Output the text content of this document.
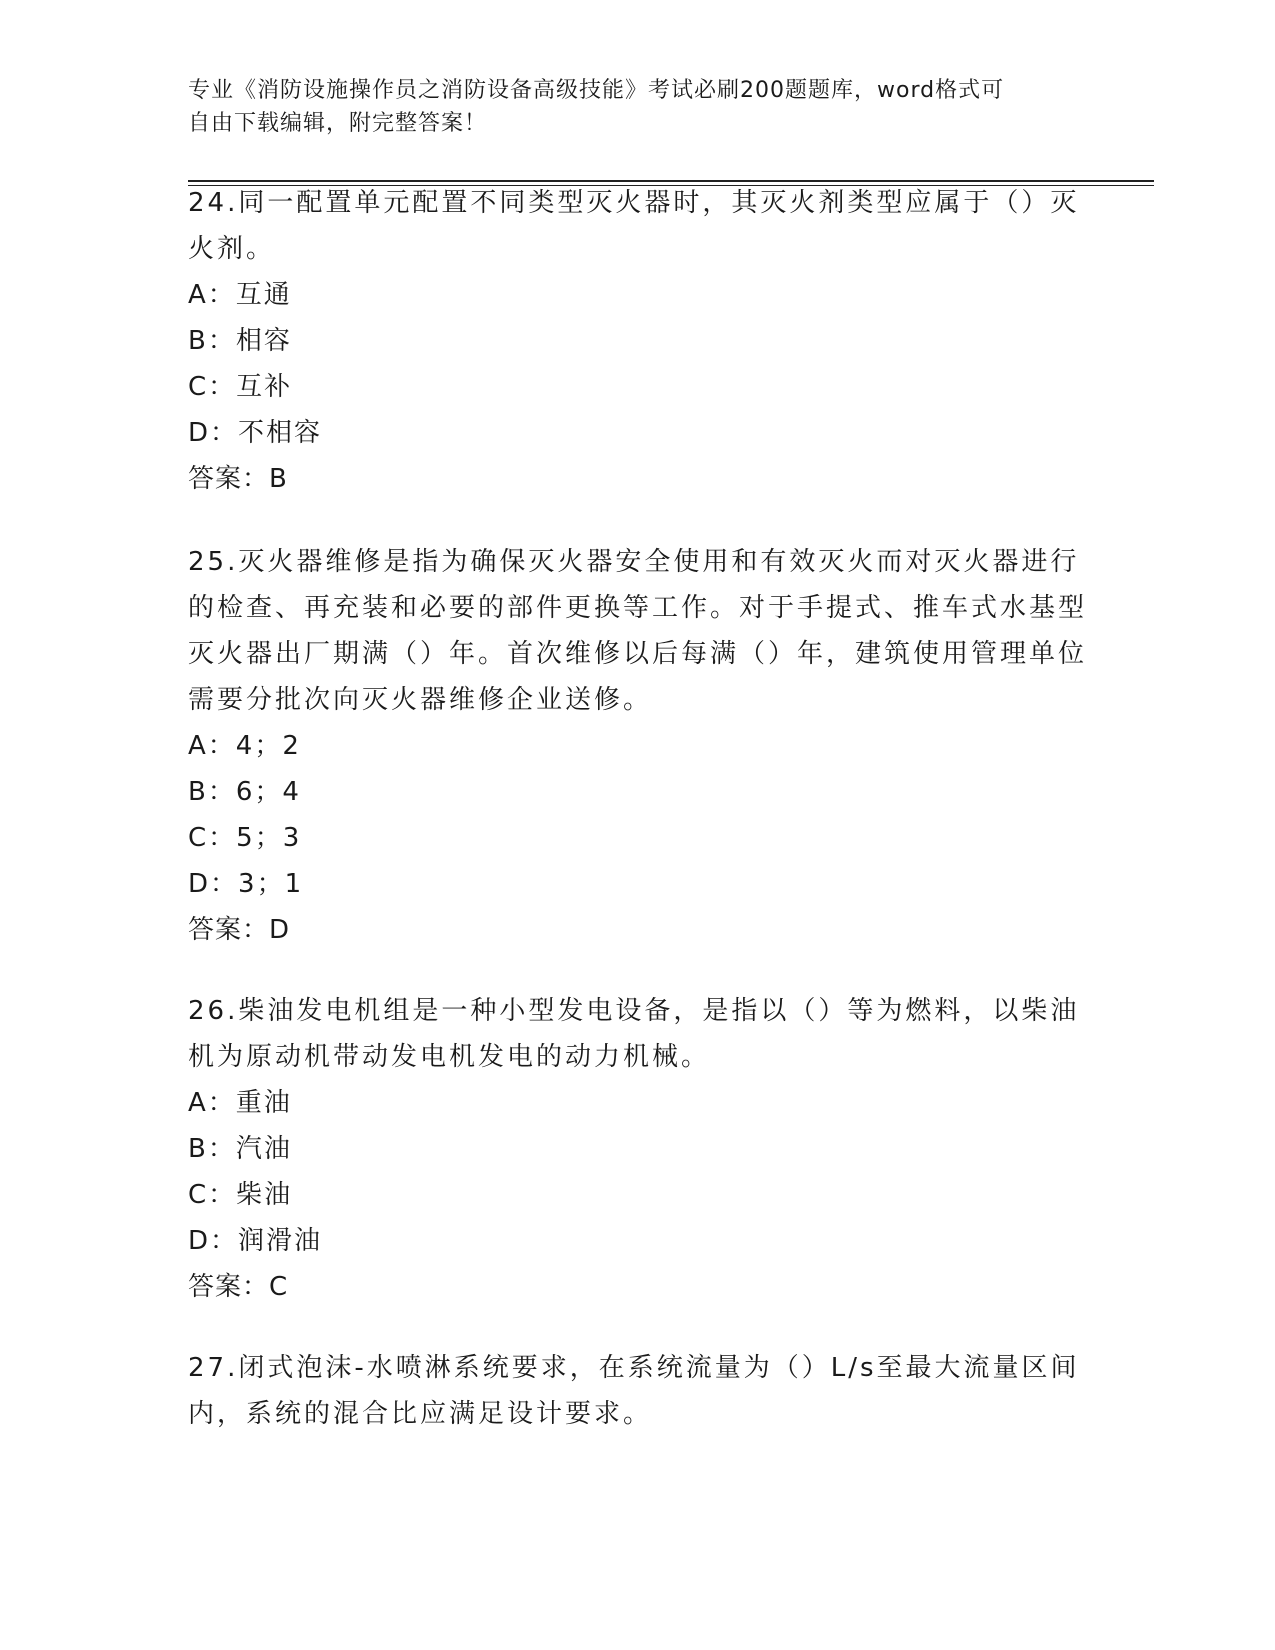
专业《消防设施操作员之消防设备高级技能》考试必刷200题题库，word格式可
自由下载编辑，附完整答案！
24.同一配置单元配置不同类型灭火器时，其灭火剂类型应属于（）灭火剂。
A：互通
B：相容
C：互补
D：不相容
答案：B
25.灭火器维修是指为确保灭火器安全使用和有效灭火而对灭火器进行的检查、再充装和必要的部件更换等工作。对于手提式、推车式水基型灭火器出厂期满（）年。首次维修以后每满（）年，建筑使用管理单位需要分批次向灭火器维修企业送修。
A：4；2
B：6；4
C：5；3
D：3；1
答案：D
26.柴油发电机组是一种小型发电设备，是指以（）等为燃料，以柴油机为原动机带动发电机发电的动力机械。
A：重油
B：汽油
C：柴油
D：润滑油
答案：C
27.闭式泡沫-水喷淋系统要求，在系统流量为（）L/s至最大流量区间内，系统的混合比应满足设计要求。
